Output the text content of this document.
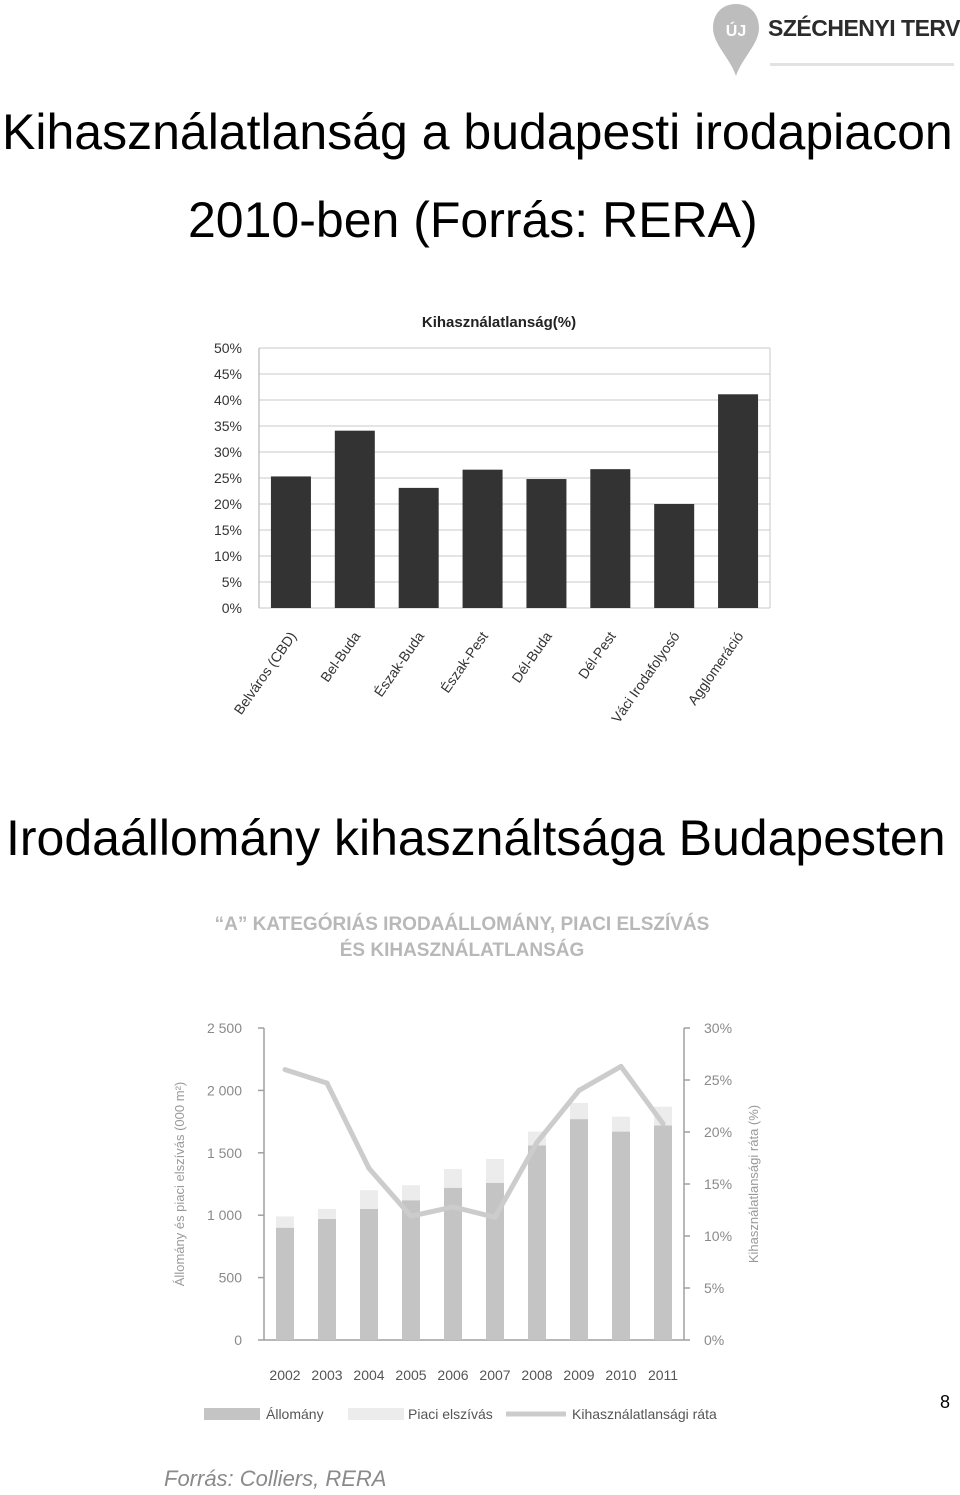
ÚJ SZÉCHENYI TERV
Kihasználatlanság a budapesti irodapiacon
2010-ben (Forrás: RERA)
Kihasználatlanság(%)
0%
5%
10%
15%
20%
25%
30%
35%
40%
45%
50%
Belváros (CBD) Bel-Buda Észak-Buda Észak-Pest Dél-Buda Dél-Pest
Váci Irodafolyosó Agglomeráció
Irodaállomány kihasználtsága Budapesten
“A” KATEGÓRIÁS IRODAÁLLOMÁNY, PIACI ELSZÍVÁS
ÉS KIHASZNÁLATLANSÁG
Állomány és piaci elszívás (000 m²)	Kihasználatlansági ráta (%)
0
500
1 000
1 500
2 000
2 500
0%
5%
10%
15%
20%
25%
30%
2002 2003 2004 2005 2006 2007 2008 2009 2010 2011
Állomány	Piaci elszívás	Kihasználatlansági ráta
8
Forrás: Colliers, RERA
